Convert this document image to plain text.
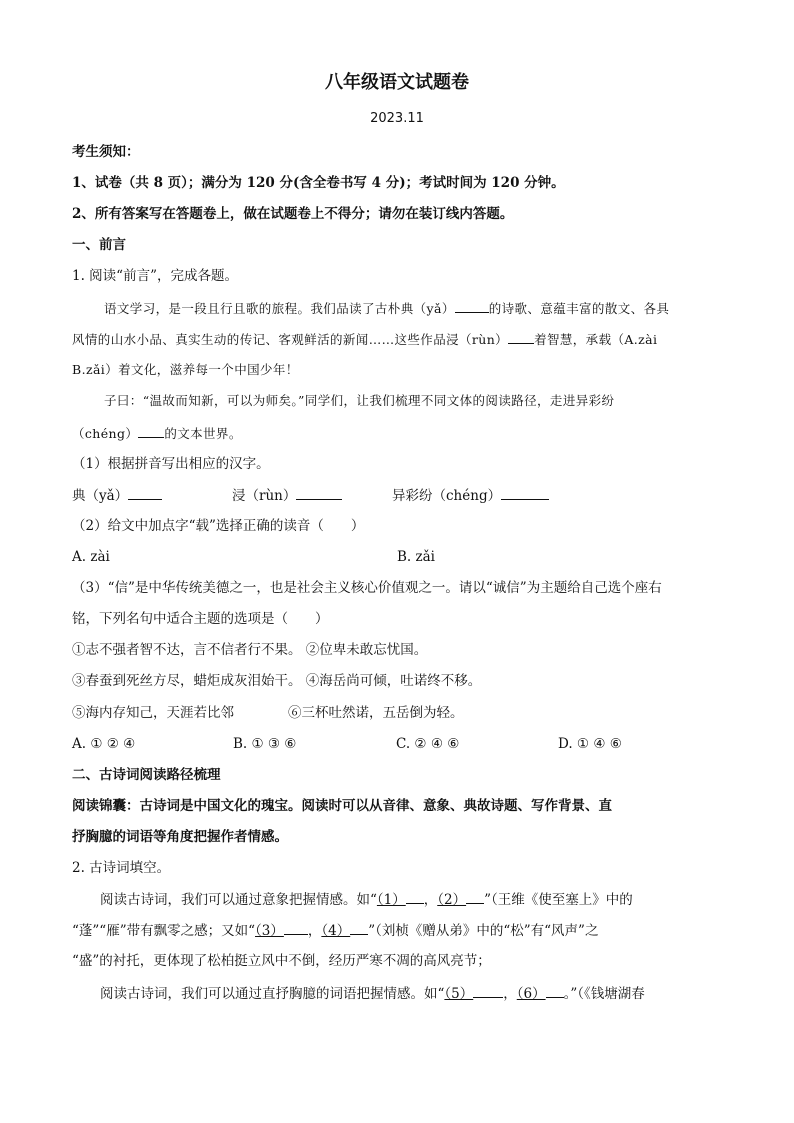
八年级语文试题卷
2023.11
考生须知：
1、试卷（共 8 页）；满分为 120 分(含全卷书写 4 分)；考试时间为 120 分钟。
2、所有答案写在答题卷上，做在试题卷上不得分；请勿在装订线内答题。
一、前言
1. 阅读“前言”，完成各题。
语文学习，是一段且行且歌的旅程。我们品读了古朴典（yǎ）	的诗歌、意蕴丰富的散文、各具
风情的山水小品、真实生动的传记、客观鲜活的新闻……这些作品浸（rùn） 着智慧，承载（A.zài
B.zǎi）着文化，滋养每一个中国少年！
子曰：“温故而知新，可以为师矣。”同学们，让我们梳理不同文体的阅读路径，走进异彩纷
（chéng） 的文本世界。
（1）根据拼音写出相应的汉字。
典（yǎ）	浸（rùn）	异彩纷（chéng）
（2）给文中加点字“载”选择正确的读音（　　）
A. zài	B. zǎi
（3）“信”是中华传统美德之一，也是社会主义核心价值观之一。请以“诚信”为主题给自己选个座右
铭，下列名句中适合主题的选项是（　　）
①志不强者智不达，言不信者行不果。 ②位卑未敢忘忧国。
③春蚕到死丝方尽，蜡炬成灰泪始干。 ④海岳尚可倾，吐诺终不移。
⑤海内存知己，天涯若比邻	⑥三杯吐然诺，五岳倒为轻。
A. ① ② ④	B. ① ③ ⑥	C. ② ④ ⑥	D. ① ④ ⑥
二、古诗词阅读路径梳理
阅读锦囊：古诗词是中国文化的瑰宝。阅读时可以从音律、意象、典故诗题、写作背景、直
抒胸臆的词语等角度把握作者情感。
2. 古诗词填空。
阅读古诗词，我们可以通过意象把握情感。如“（1） ，（2） ”（王维《使至塞上》中的
“蓬”“雁”带有飘零之感；又如“（3） ，（4） ”（刘桢《赠从弟》中的“松”有“风声”之
“盛”的衬托，更体现了松柏挺立风中不倒，经历严寒不凋的高风亮节；
阅读古诗词，我们可以通过直抒胸臆的词语把握情感。如“（5） ，（6） 。”（《钱塘湖春
